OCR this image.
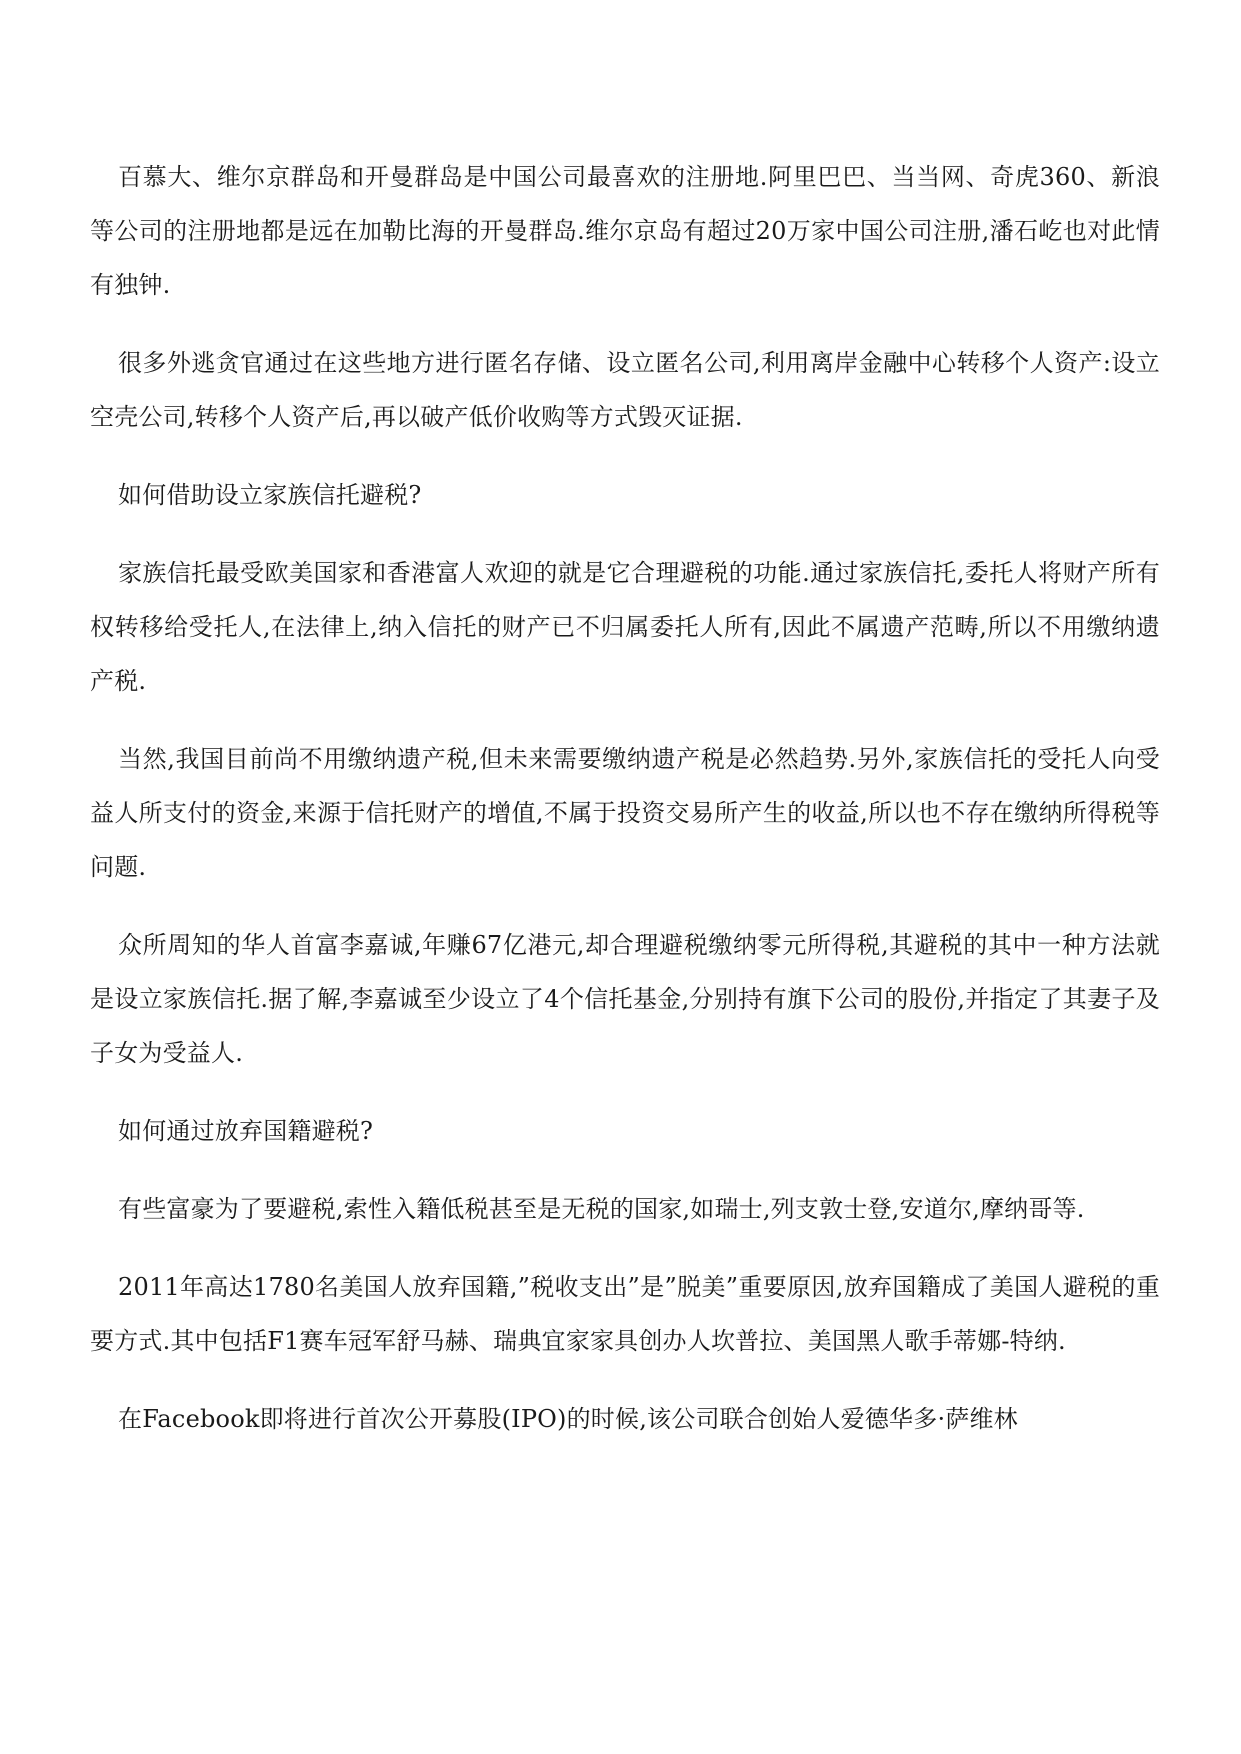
百慕大、维尔京群岛和开曼群岛是中国公司最喜欢的注册地.阿里巴巴、当当网、奇虎360、新浪等公司的注册地都是远在加勒比海的开曼群岛.维尔京岛有超过20万家中国公司注册,潘石屹也对此情有独钟.

很多外逃贪官通过在这些地方进行匿名存储、设立匿名公司,利用离岸金融中心转移个人资产:设立空壳公司,转移个人资产后,再以破产低价收购等方式毁灭证据.

如何借助设立家族信托避税?

家族信托最受欧美国家和香港富人欢迎的就是它合理避税的功能.通过家族信托,委托人将财产所有权转移给受托人,在法律上,纳入信托的财产已不归属委托人所有,因此不属遗产范畴,所以不用缴纳遗产税.

当然,我国目前尚不用缴纳遗产税,但未来需要缴纳遗产税是必然趋势.另外,家族信托的受托人向受益人所支付的资金,来源于信托财产的增值,不属于投资交易所产生的收益,所以也不存在缴纳所得税等问题.

众所周知的华人首富李嘉诚,年赚67亿港元,却合理避税缴纳零元所得税,其避税的其中一种方法就是设立家族信托.据了解,李嘉诚至少设立了4个信托基金,分别持有旗下公司的股份,并指定了其妻子及子女为受益人.

如何通过放弃国籍避税?

有些富豪为了要避税,索性入籍低税甚至是无税的国家,如瑞士,列支敦士登,安道尔,摩纳哥等.

2011年高达1780名美国人放弃国籍,”税收支出”是”脱美”重要原因,放弃国籍成了美国人避税的重要方式.其中包括F1赛车冠军舒马赫、瑞典宜家家具创办人坎普拉、美国黑人歌手蒂娜-特纳.

在Facebook即将进行首次公开募股(IPO)的时候,该公司联合创始人爱德华多·萨维林
